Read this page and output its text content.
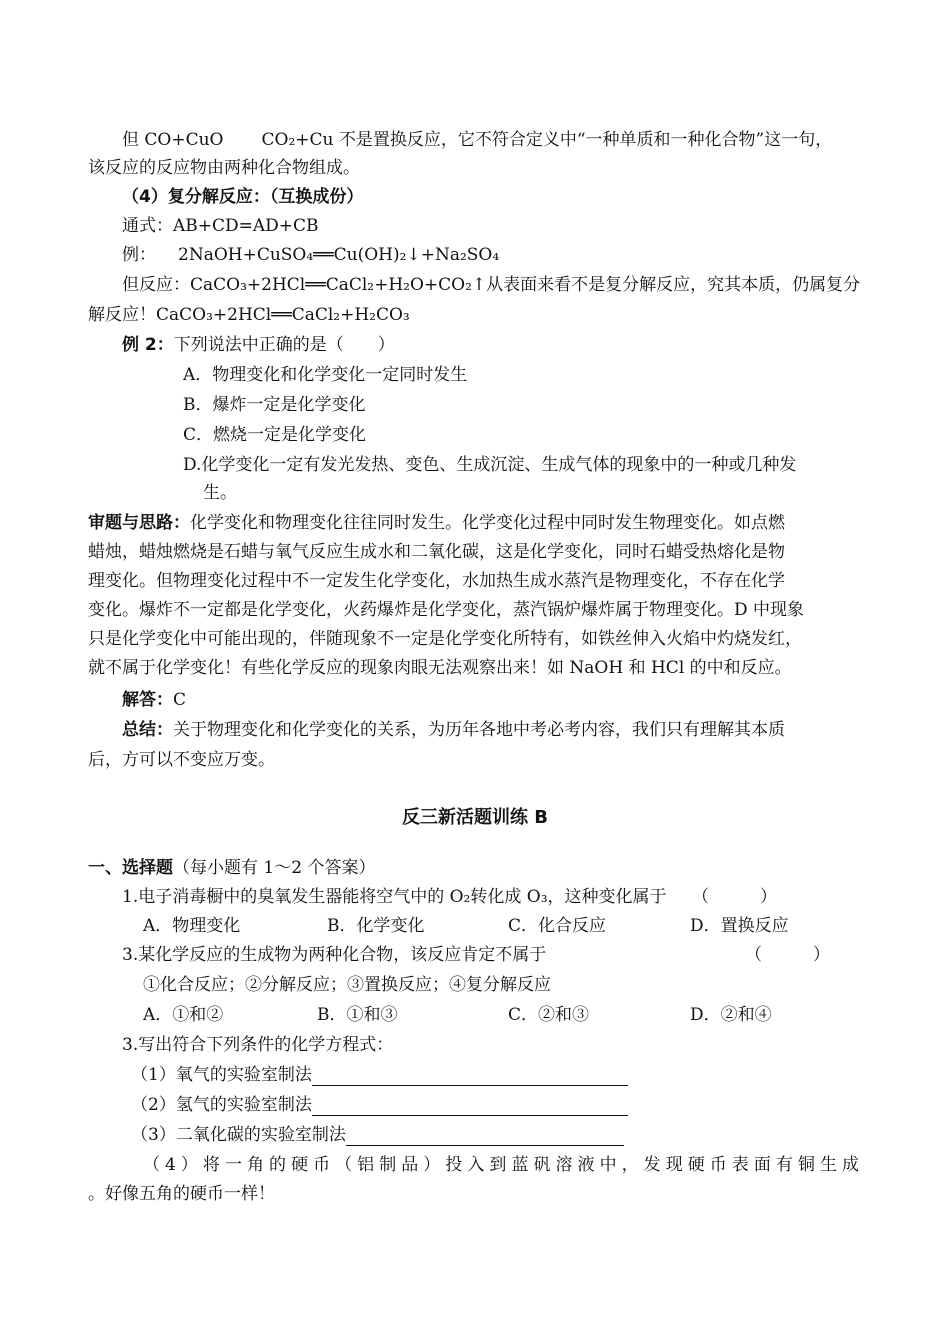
但 CO+CuO CO₂+Cu 不是置换反应，它不符合定义中“一种单质和一种化合物”这一句，
该反应的反应物由两种化合物组成。
（4）复分解反应：（互换成份）
通式：AB+CD=AD+CB
例： 2NaOH+CuSO₄══Cu(OH)₂↓+Na₂SO₄
但反应：CaCO₃+2HCl══CaCl₂+H₂O+CO₂↑从表面来看不是复分解反应，究其本质，仍属复分
解反应！CaCO₃+2HCl══CaCl₂+H₂CO₃
例 2：下列说法中正确的是（　　）
A．物理变化和化学变化一定同时发生
B．爆炸一定是化学变化
C．燃烧一定是化学变化
D.化学变化一定有发光发热、变色、生成沉淀、生成气体的现象中的一种或几种发
生。
审题与思路：化学变化和物理变化往往同时发生。化学变化过程中同时发生物理变化。如点燃
蜡烛，蜡烛燃烧是石蜡与氧气反应生成水和二氧化碳，这是化学变化，同时石蜡受热熔化是物
理变化。但物理变化过程中不一定发生化学变化，水加热生成水蒸汽是物理变化，不存在化学
变化。爆炸不一定都是化学变化，火药爆炸是化学变化，蒸汽锅炉爆炸属于物理变化。D 中现象
只是化学变化中可能出现的，伴随现象不一定是化学变化所特有，如铁丝伸入火焰中灼烧发红，
就不属于化学变化！有些化学反应的现象肉眼无法观察出来！如 NaOH 和 HCl 的中和反应。
解答：C
总结：关于物理变化和化学变化的关系，为历年各地中考必考内容，我们只有理解其本质
后，方可以不变应万变。
反三新活题训练 B
一、选择题（每小题有 1～2 个答案）
1.电子消毒橱中的臭氧发生器能将空气中的 O₂转化成 O₃，这种变化属于　　（　　　）
A．物理变化	B．化学变化	C．化合反应	D．置换反应
3.某化学反应的生成物为两种化合物，该反应肯定不属于	（　　　）
①化合反应；②分解反应；③置换反应；④复分解反应
A．①和②	B．①和③	C．②和③	D．②和④
3.写出符合下列条件的化学方程式：
（1）氧气的实验室制法
（2）氢气的实验室制法
（3）二氧化碳的实验室制法
（4）将一角的硬币（铝制品）投入到蓝矾溶液中，发现硬币表面有铜生成
。好像五角的硬币一样！
